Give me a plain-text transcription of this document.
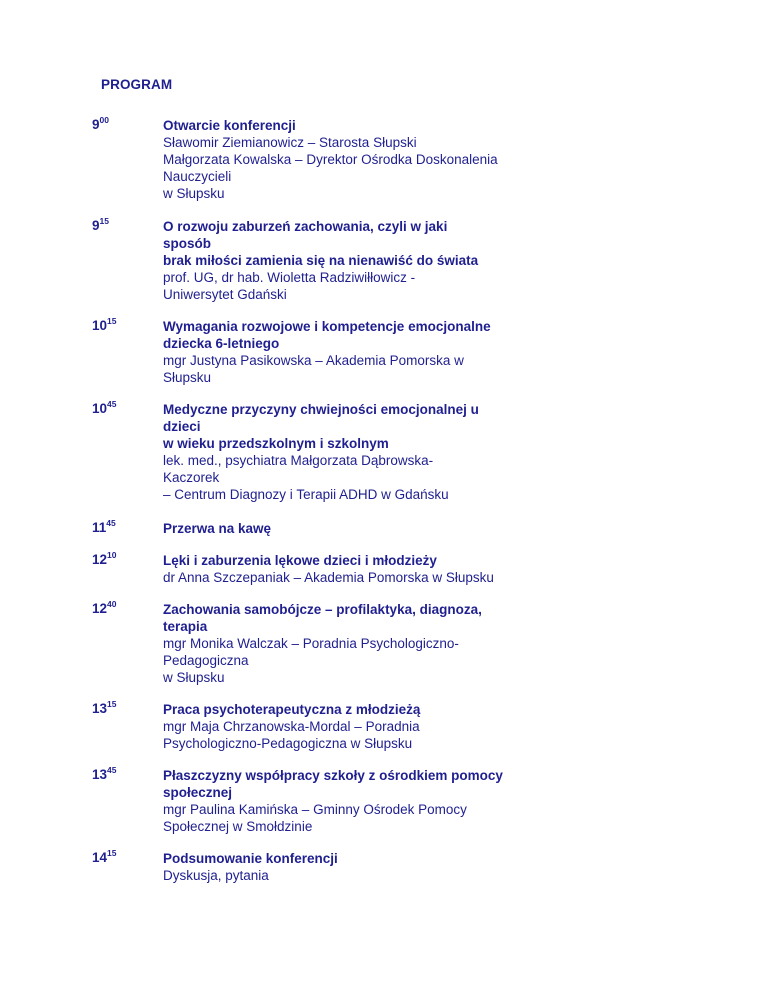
PROGRAM
$9^{00}$	Otwarcie konferencji
Sławomir Ziemianowicz – Starosta Słupski
Małgorzata Kowalska – Dyrektor Ośrodka Doskonalenia
Nauczycieli
w Słupsku
$9^{15}$	O rozwoju zaburzeń zachowania, czyli w jaki
sposób
brak miłości zamienia się na nienawiść do świata
prof. UG, dr hab. Wioletta Radziwiłłowicz -
Uniwersytet Gdański
$10^{15}$	Wymagania rozwojowe i kompetencje emocjonalne
dziecka 6-letniego
mgr Justyna Pasikowska – Akademia Pomorska w
Słupsku
$10^{45}$	Medyczne przyczyny chwiejności emocjonalnej u
dzieci
w wieku przedszkolnym i szkolnym
lek. med., psychiatra Małgorzata Dąbrowska-
Kaczorek
– Centrum Diagnozy i Terapii ADHD w Gdańsku
$11^{45}$	Przerwa na kawę
$12^{10}$	Lęki i zaburzenia lękowe dzieci i młodzieży
dr Anna Szczepaniak – Akademia Pomorska w Słupsku
$12^{40}$	Zachowania samobójcze – profilaktyka, diagnoza,
terapia
mgr Monika Walczak – Poradnia Psychologiczno-
Pedagogiczna
w Słupsku
$13^{15}$	Praca psychoterapeutyczna z młodzieżą
mgr Maja Chrzanowska-Mordal – Poradnia
Psychologiczno-Pedagogiczna w Słupsku
$13^{45}$	Płaszczyzny współpracy szkoły z ośrodkiem pomocy
społecznej
mgr Paulina Kamińska – Gminny Ośrodek Pomocy
Społecznej w Smołdzinie
$14^{15}$	Podsumowanie konferencji
Dyskusja, pytania
